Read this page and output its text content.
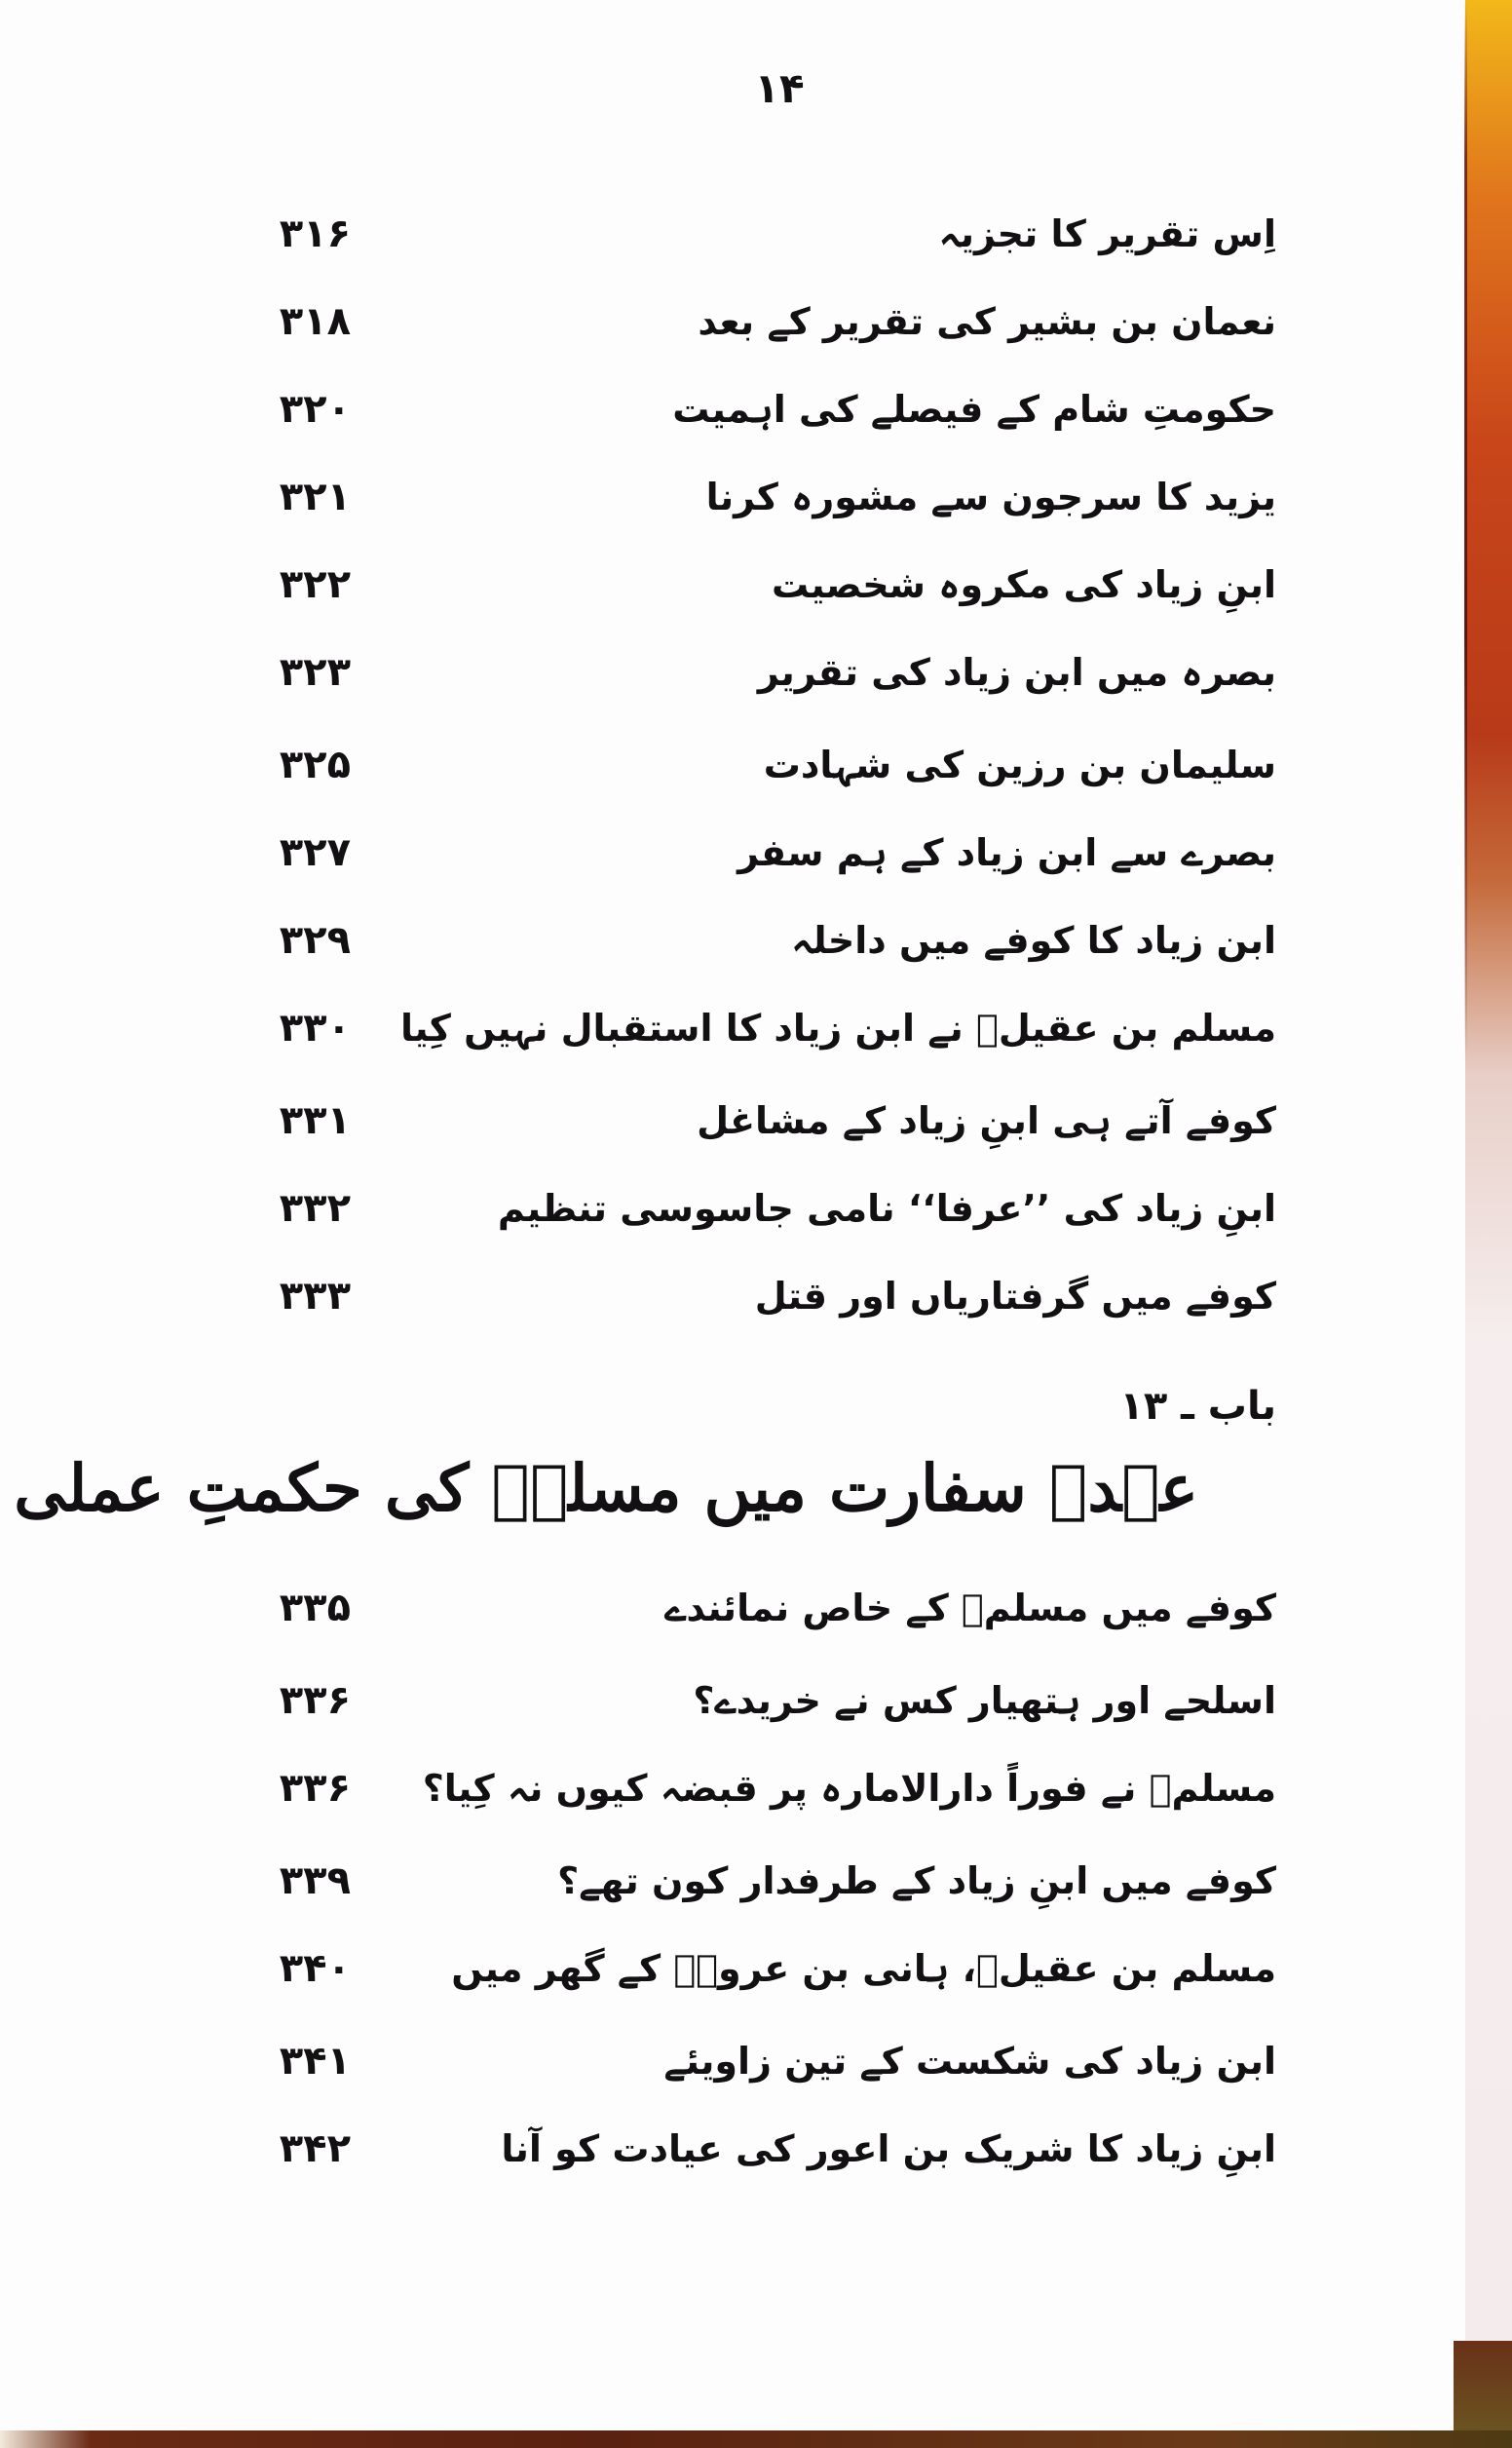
۱۴
۳۱۶	اِس تقریر کا تجزیہ
۳۱۸	نعمان بن بشیر کی تقریر کے بعد
۳۲۰	حکومتِ شام کے فیصلے کی اہمیت
۳۲۱	یزید کا سرجون سے مشورہ کرنا
۳۲۲	ابنِ زیاد کی مکروہ شخصیت
۳۲۳	بصرہ میں ابن زیاد کی تقریر
۳۲۵	سلیمان بن رزین کی شہادت
۳۲۷	بصرے سے ابن زیاد کے ہم سفر
۳۲۹	ابن زیاد کا کوفے میں داخلہ
۳۳۰ مسلم بن عقیلؑ نے ابن زیاد کا استقبال نہیں کِیا
۳۳۱	کوفے آتے ہی ابنِ زیاد کے مشاغل
۳۳۲	ابنِ زیاد کی ’’عرفا‘‘ نامی جاسوسی تنظیم
۳۳۳	کوفے میں گرفتاریاں اور قتل
باب ـ ۱۳
عہدۂ سفارت میں مسلمؑ کی حکمتِ عملی
۳۳۵	کوفے میں مسلمؑ کے خاص نمائندے
۳۳۶	اسلحے اور ہتھیار کس نے خریدے؟
۳۳۶ مسلمؑ نے فوراً دارالامارہ پر قبضہ کیوں نہ کِیا؟
۳۳۹	کوفے میں ابنِ زیاد کے طرفدار کون تھے؟
۳۴۰	مسلم بن عقیلؑ، ہانی بن عروہؓ کے گھر میں
۳۴۱	ابن زیاد کی شکست کے تین زاویئے
۳۴۲	ابنِ زیاد کا شریک بن اعور کی عیادت کو آنا
